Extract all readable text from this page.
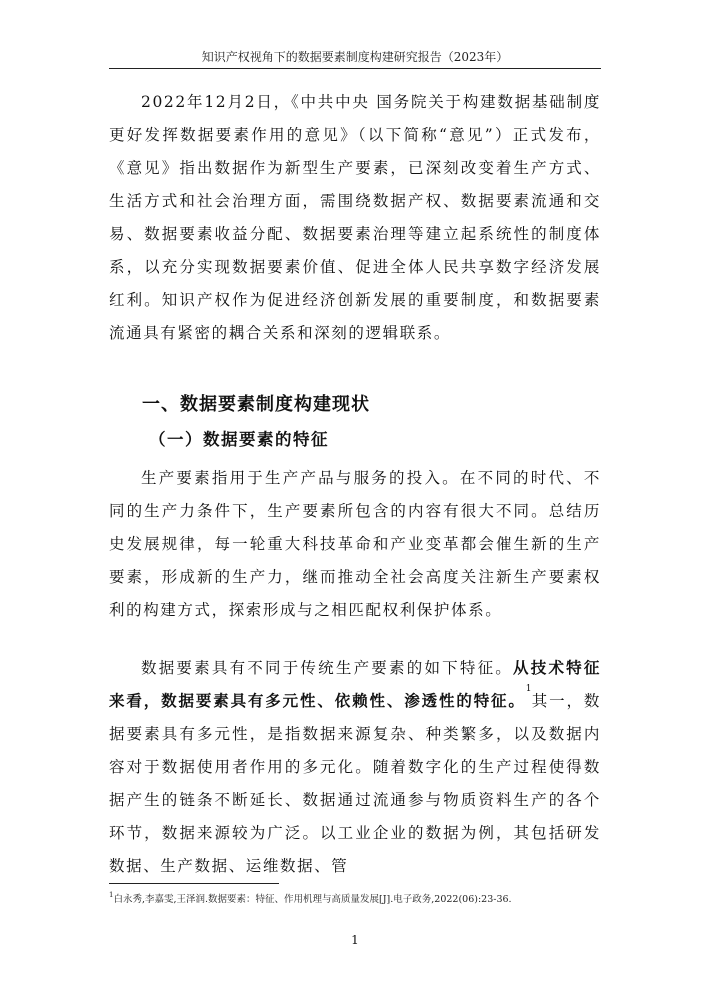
知识产权视角下的数据要素制度构建研究报告（2023年）

2022年12月2日，《中共中央 国务院关于构建数据基础制度更好发挥数据要素作用的意见》（以下简称“意见”）正式发布，《意见》指出数据作为新型生产要素，已深刻改变着生产方式、生活方式和社会治理方面，需围绕数据产权、数据要素流通和交易、数据要素收益分配、数据要素治理等建立起系统性的制度体系，以充分实现数据要素价值、促进全体人民共享数字经济发展红利。知识产权作为促进经济创新发展的重要制度，和数据要素流通具有紧密的耦合关系和深刻的逻辑联系。

一、数据要素制度构建现状
（一）数据要素的特征

生产要素指用于生产产品与服务的投入。在不同的时代、不同的生产力条件下，生产要素所包含的内容有很大不同。总结历史发展规律，每一轮重大科技革命和产业变革都会催生新的生产要素，形成新的生产力，继而推动全社会高度关注新生产要素权利的构建方式，探索形成与之相匹配权利保护体系。

数据要素具有不同于传统生产要素的如下特征。从技术特征来看，数据要素具有多元性、依赖性、渗透性的特征。$^1$其一，数据要素具有多元性，是指数据来源复杂、种类繁多，以及数据内容对于数据使用者作用的多元化。随着数字化的生产过程使得数据产生的链条不断延长、数据通过流通参与物质资料生产的各个环节，数据来源较为广泛。以工业企业的数据为例，其包括研发数据、生产数据、运维数据、管

$^1$白永秀,李嘉雯,王泽润.数据要素：特征、作用机理与高质量发展[J].电子政务,2022(06):23-36.
1
